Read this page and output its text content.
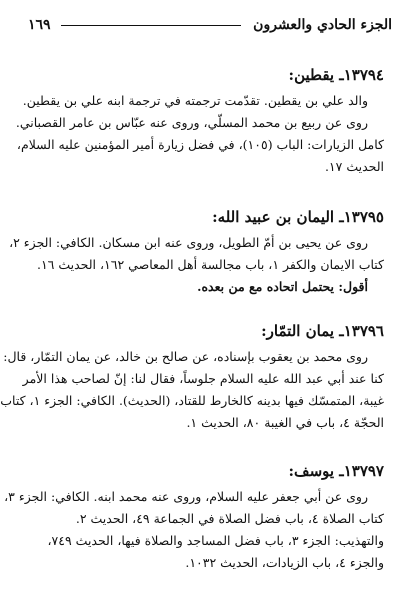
الجزء الحادي والعشرون
١٦٩
١٣٧٩٤ـ يقطين:
والد علي بن يقطين. تقدّمت ترجمته في ترجمة ابنه علي بن يقطين.
روى عن ربيع بن محمد المسلّي، وروى عنه عبّاس بن عامر القصباني.
كامل الزيارات: الباب (١٠٥)، في فضل زيارة أمير المؤمنين عليه السلام،
الحديث ١٧.
١٣٧٩٥ـ اليمان بن عبيد الله:
روى عن يحيى بن أمّ الطويل، وروى عنه ابن مسكان. الكافي: الجزء ٢،
كتاب الايمان والكفر ١، باب مجالسة أهل المعاصي ١٦٢، الحديث ١٦.
أقول: يحتمل اتحاده مع من بعده.
١٣٧٩٦ـ يمان التمّار:
روى محمد بن يعقوب بإسناده، عن صالح بن خالد، عن يمان التمّار، قال:
كنا عند أبي عبد الله عليه السلام جلوساً، فقال لنا: إنّ لصاحب هذا الأمر
غيبة، المتمسّك فيها بدينه كالخارط للقتاد، (الحديث). الكافي: الجزء ١، كتاب
الحجّة ٤، باب في الغيبة ٨٠، الحديث ١.
١٣٧٩٧ـ يوسف:
روى عن أبي جعفر عليه السلام، وروى عنه محمد ابنه. الكافي: الجزء ٣،
كتاب الصلاة ٤، باب فضل الصلاة في الجماعة ٤٩، الحديث ٢.
والتهذيب: الجزء ٣، باب فضل المساجد والصلاة فيها، الحديث ٧٤٩،
والجزء ٤، باب الزيادات، الحديث ١٠٣٢.
